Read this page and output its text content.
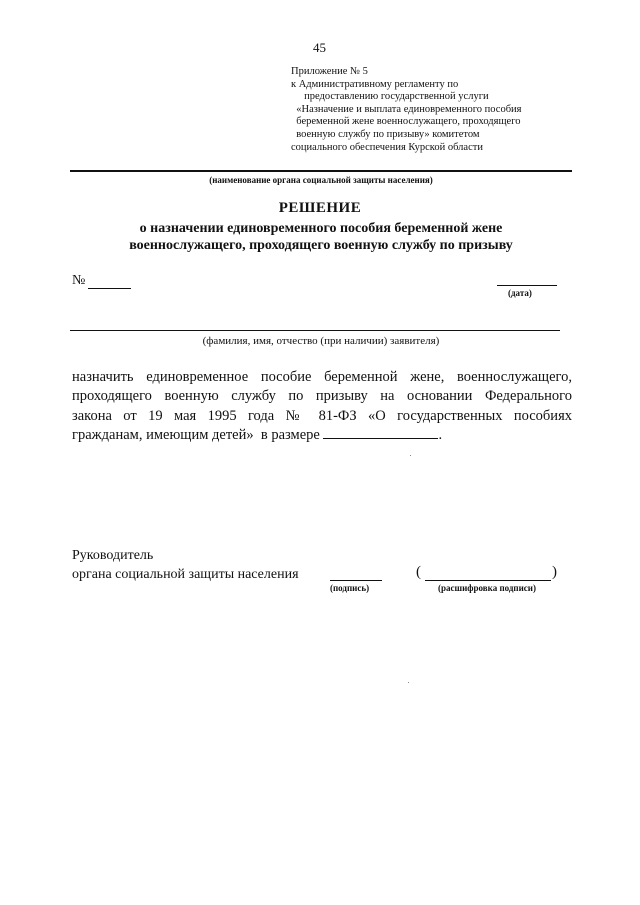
45
Приложение № 5
к Административному регламенту по
предоставлению государственной услуги
«Назначение и выплата единовременного пособия
беременной жене военнослужащего, проходящего
военную службу по призыву» комитетом
социального обеспечения Курской области
(наименование органа социальной защиты населения)
РЕШЕНИЕ
о назначении единовременного пособия беременной жене
военнослужащего, проходящего военную службу по призыву
№
(дата)
(фамилия, имя, отчество (при наличии) заявителя)
назначить единовременное пособие беременной жене, военнослужащего,
проходящего военную службу по призыву на основании Федерального
закона от 19 мая 1995 года № 81-ФЗ «О государственных пособиях
гражданам, имеющим детей»  в размере	.
Руководитель
органа социальной защиты населения
(подпись)
(	)
(расшифровка подписи)
